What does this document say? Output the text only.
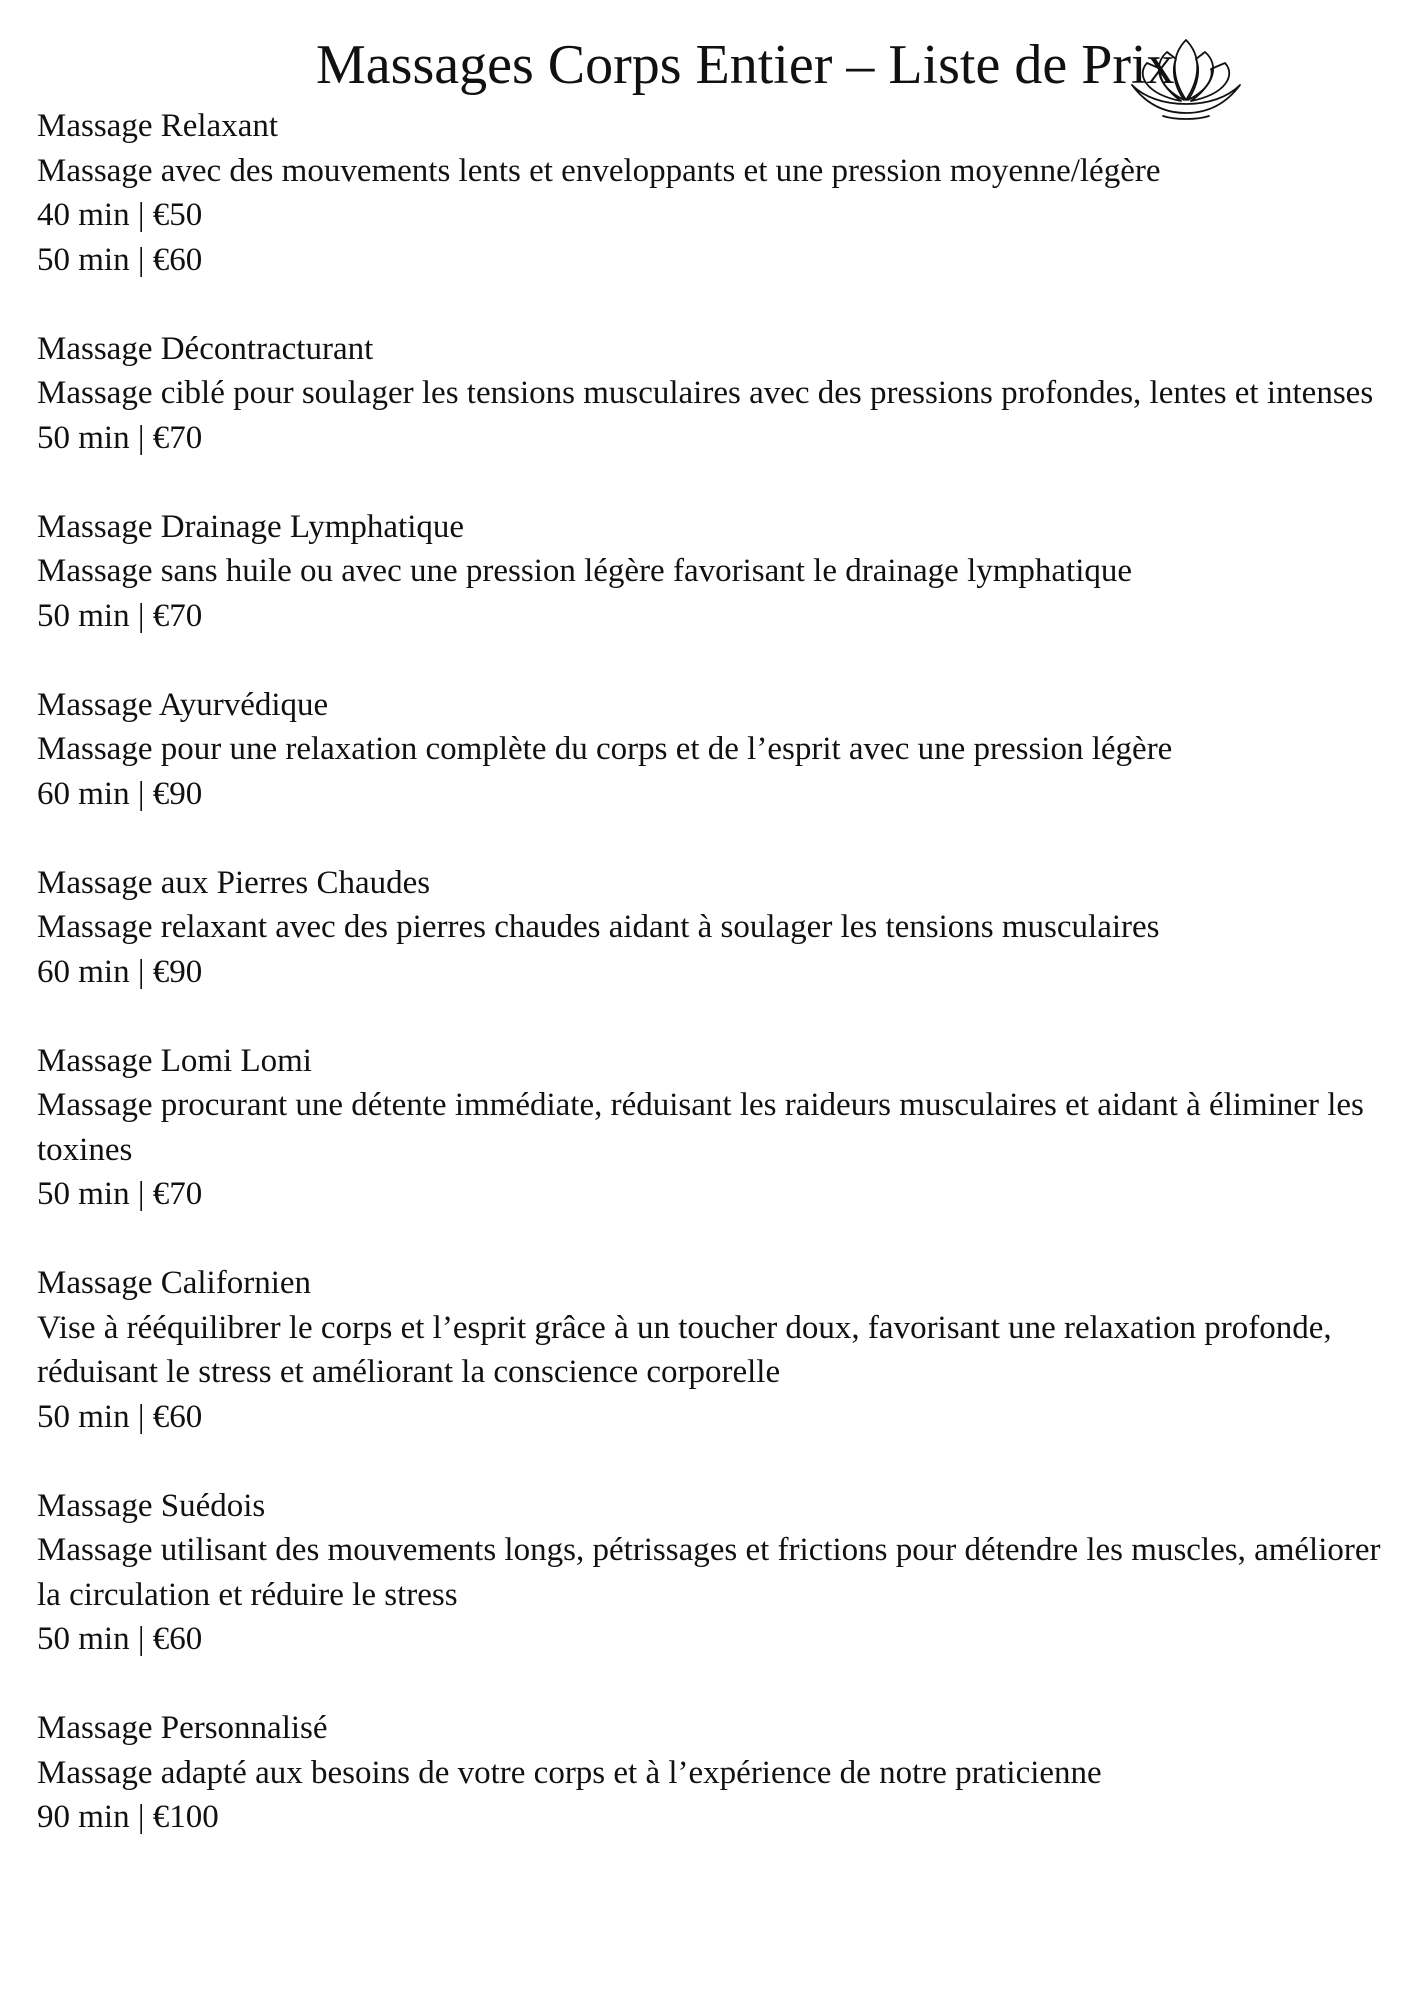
Massages Corps Entier – Liste de Prix

Massage Relaxant

Massage avec des mouvements lents et enveloppants et une pression moyenne/légère

40 min | €50

50 min | €60

Massage Décontracturant

Massage ciblé pour soulager les tensions musculaires avec des pressions profondes, lentes et intenses

50 min | €70

Massage Drainage Lymphatique

Massage sans huile ou avec une pression légère favorisant le drainage lymphatique

50 min | €70

Massage Ayurvédique

Massage pour une relaxation complète du corps et de l’esprit avec une pression légère

60 min | €90

Massage aux Pierres Chaudes

Massage relaxant avec des pierres chaudes aidant à soulager les tensions musculaires

60 min | €90

Massage Lomi Lomi

Massage procurant une détente immédiate, réduisant les raideurs musculaires et aidant à éliminer les toxines

50 min | €70

Massage Californien

Vise à rééquilibrer le corps et l’esprit grâce à un toucher doux, favorisant une relaxation profonde, réduisant le stress et améliorant la conscience corporelle

50 min | €60

Massage Suédois

Massage utilisant des mouvements longs, pétrissages et frictions pour détendre les muscles, améliorer la circulation et réduire le stress

50 min | €60

Massage Personnalisé

Massage adapté aux besoins de votre corps et à l’expérience de notre praticienne

90 min | €100
